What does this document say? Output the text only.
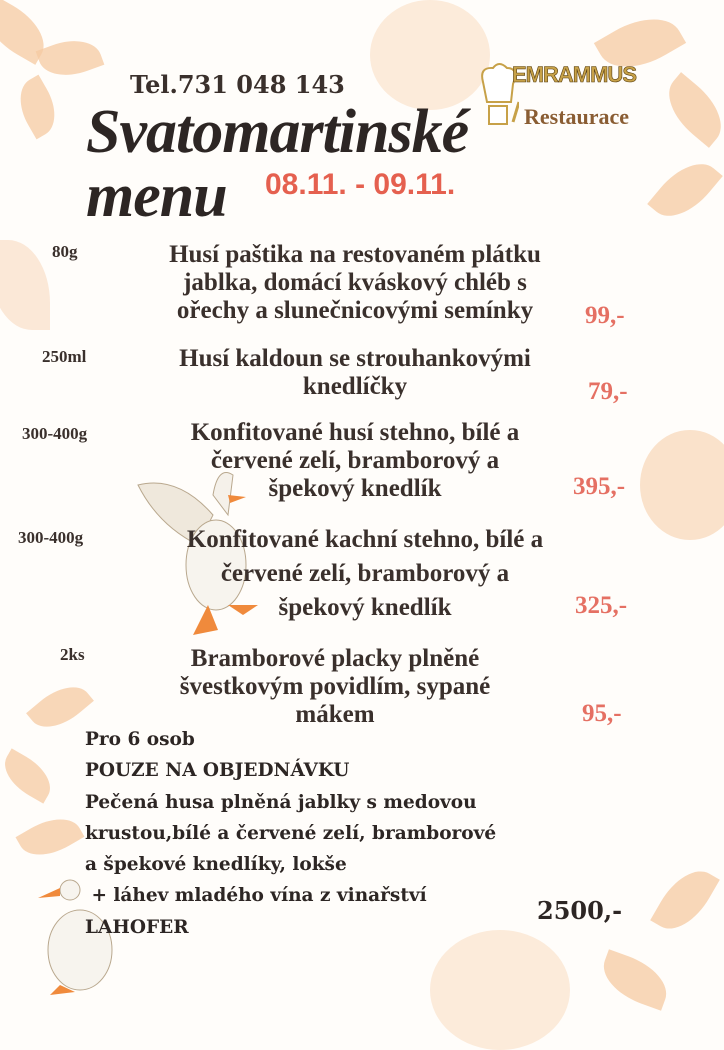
Tel.731 048 143
Svatomartinské
menu	08.11. - 09.11.
EMRAMMUS
Restaurace
80g	Husí paštika na restovaném plátku
jablka, domácí kváskový chléb s
ořechy a slunečnicovými semínky	99,-
250ml	Husí kaldoun se strouhankovými
knedlíčky	79,-
300-400g	Konfitované husí stehno, bílé a
červené zelí, bramborový a
špekový knedlík	395,-
300-400g	Konfitované kachní stehno, bílé a
červené zelí, bramborový a
špekový knedlík	325,-
2ks	Bramborové placky plněné
švestkovým povidlím, sypané
mákem	95,-
Pro 6 osob
POUZE NA OBJEDNÁVKU
Pečená husa plněná jablky s medovou
krustou,bílé a červené zelí, bramborové
a špekové knedlíky, lokše
+ láhev mladého vína z vinařství
LAHOFER
2500,-
